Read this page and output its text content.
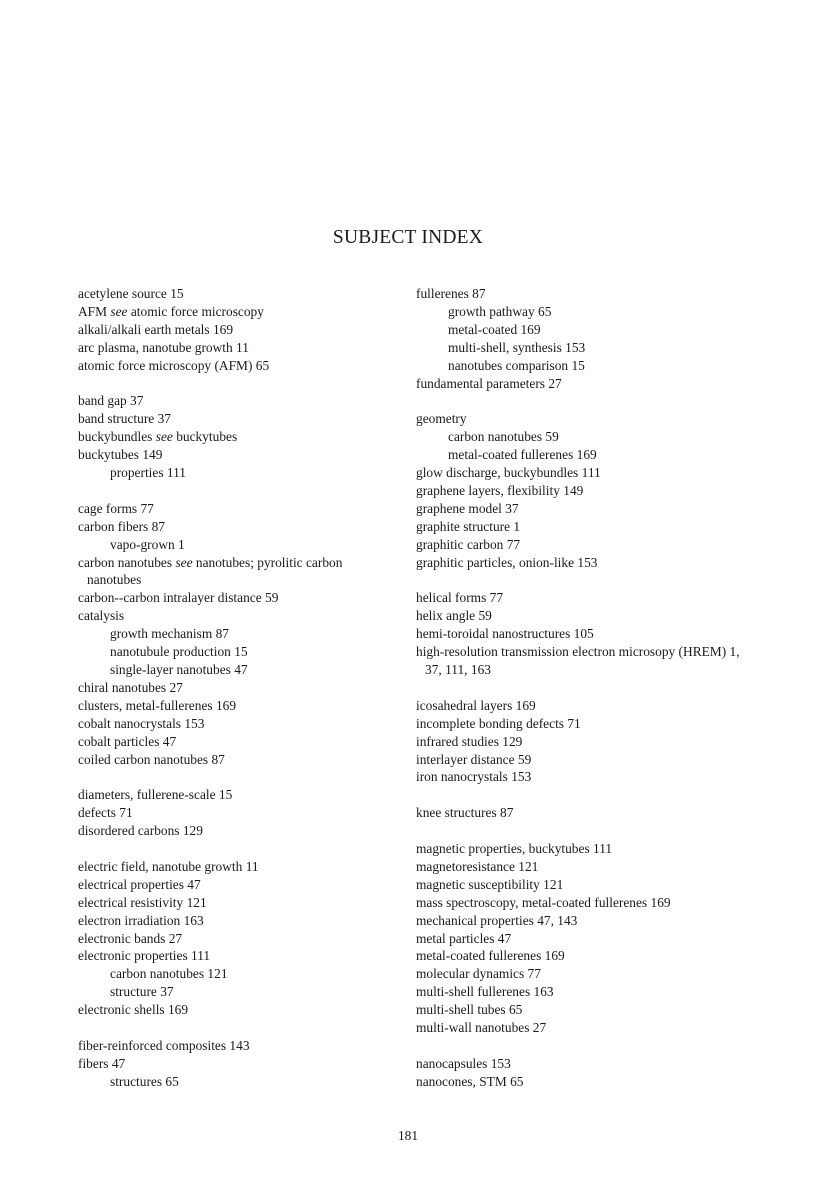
SUBJECT INDEX
acetylene source 15
AFM see atomic force microscopy
alkali/alkali earth metals 169
arc plasma, nanotube growth 11
atomic force microscopy (AFM) 65
band gap 37
band structure 37
buckybundles see buckytubes
buckytubes 149
properties 111
cage forms 77
carbon fibers 87
vapo-grown 1
carbon nanotubes see nanotubes; pyrolitic carbon nanotubes
carbon--carbon intralayer distance 59
catalysis
growth mechanism 87
nanotubule production 15
single-layer nanotubes 47
chiral nanotubes 27
clusters, metal-fullerenes 169
cobalt nanocrystals 153
cobalt particles 47
coiled carbon nanotubes 87
diameters, fullerene-scale 15
defects 71
disordered carbons 129
electric field, nanotube growth 11
electrical properties 47
electrical resistivity 121
electron irradiation 163
electronic bands 27
electronic properties 111
carbon nanotubes 121
structure 37
electronic shells 169
fiber-reinforced composites 143
fibers 47
structures 65
fullerenes 87
growth pathway 65
metal-coated 169
multi-shell, synthesis 153
nanotubes comparison 15
fundamental parameters 27
geometry
carbon nanotubes 59
metal-coated fullerenes 169
glow discharge, buckybundles 111
graphene layers, flexibility 149
graphene model 37
graphite structure 1
graphitic carbon 77
graphitic particles, onion-like 153
helical forms 77
helix angle 59
hemi-toroidal nanostructures 105
high-resolution transmission electron microsopy (HREM) 1, 37, 111, 163
icosahedral layers 169
incomplete bonding defects 71
infrared studies 129
interlayer distance 59
iron nanocrystals 153
knee structures 87
magnetic properties, buckytubes 111
magnetoresistance 121
magnetic susceptibility 121
mass spectroscopy, metal-coated fullerenes 169
mechanical properties 47, 143
metal particles 47
metal-coated fullerenes 169
molecular dynamics 77
multi-shell fullerenes 163
multi-shell tubes 65
multi-wall nanotubes 27
nanocapsules 153
nanocones, STM 65
181
